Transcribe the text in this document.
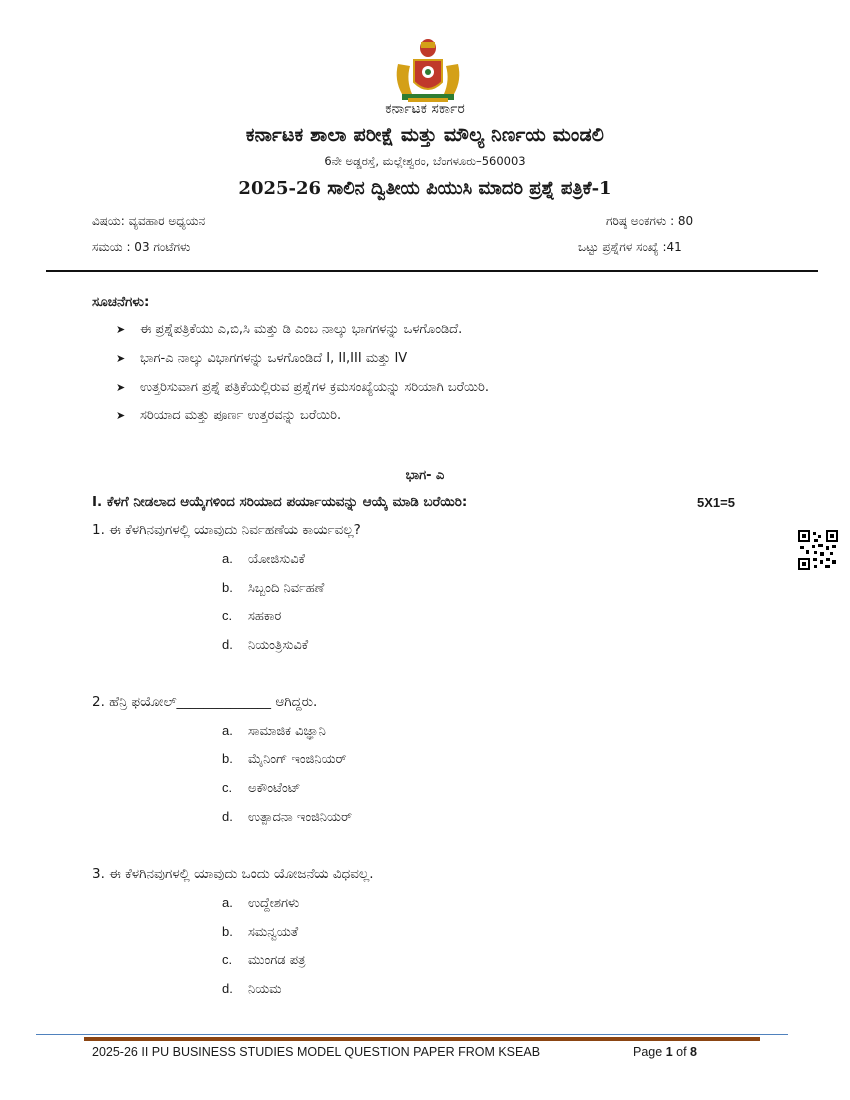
ಕರ್ನಾಟಕ ಸರ್ಕಾರ
ಕರ್ನಾಟಕ ಶಾಲಾ ಪರೀಕ್ಷೆ ಮತ್ತು ಮೌಲ್ಯ ನಿರ್ಣಯ ಮಂಡಲಿ
6ನೇ ಅಡ್ಡರಸ್ತೆ, ಮಲ್ಲೇಶ್ವರಂ, ಬೆಂಗಳೂರು–560003
2025-26 ಸಾಲಿನ ದ್ವಿತೀಯ ಪಿಯುಸಿ ಮಾದರಿ ಪ್ರಶ್ನೆ ಪತ್ರಿಕೆ-1
ವಿಷಯ: ವ್ಯವಹಾರ ಅಧ್ಯಯನ	ಗರಿಷ್ಠ ಅಂಕಗಳು : 80
ಸಮಯ : 03 ಗಂಟೆಗಳು	ಒಟ್ಟು ಪ್ರಶ್ನೆಗಳ ಸಂಖ್ಯೆ :41
ಸೂಚನೆಗಳು:
➤ ಈ ಪ್ರಶ್ನೆಪತ್ರಿಕೆಯು ಎ,ಬಿ,ಸಿ ಮತ್ತು ಡಿ ಎಂಬ ನಾಲ್ಕು ಭಾಗಗಳನ್ನು ಒಳಗೊಂಡಿದೆ.
➤ ಭಾಗ-ಎ ನಾಲ್ಕು ವಿಭಾಗಗಳನ್ನು ಒಳಗೊಂಡಿದೆ I, II,III ಮತ್ತು IV
➤ ಉತ್ತರಿಸುವಾಗ ಪ್ರಶ್ನೆ ಪತ್ರಿಕೆಯಲ್ಲಿರುವ ಪ್ರಶ್ನೆಗಳ ಕ್ರಮಸಂಖ್ಯೆಯನ್ನು ಸರಿಯಾಗಿ ಬರೆಯಿರಿ.
➤ ಸರಿಯಾದ ಮತ್ತು ಪೂರ್ಣ ಉತ್ತರವನ್ನು ಬರೆಯಿರಿ.
ಭಾಗ- ಎ
I. ಕೆಳಗೆ ನೀಡಲಾದ ಆಯ್ಕೆಗಳಿಂದ ಸರಿಯಾದ ಪರ್ಯಾಯವನ್ನು ಆಯ್ಕೆ ಮಾಡಿ ಬರೆಯಿರಿ:	5X1=5
1. ಈ ಕೆಳಗಿನವುಗಳಲ್ಲಿ ಯಾವುದು ನಿರ್ವಹಣೆಯ ಕಾರ್ಯವಲ್ಲ?
a. ಯೋಜಿಸುವಿಕೆ
b. ಸಿಬ್ಬಂದಿ ನಿರ್ವಹಣೆ
c. ಸಹಕಾರ
d. ನಿಯಂತ್ರಿಸುವಿಕೆ
2. ಹೆನ್ರಿ ಫಯೋಲ್______________ ಆಗಿದ್ದರು.
a. ಸಾಮಾಜಿಕ ವಿಜ್ಞಾನಿ
b. ಮೈನಿಂಗ್ ಇಂಜಿನಿಯರ್
c. ಅಕೌಂಟೆಂಟ್
d. ಉತ್ಪಾದನಾ ಇಂಜಿನಿಯರ್
3. ಈ ಕೆಳಗಿನವುಗಳಲ್ಲಿ ಯಾವುದು ಒಂದು ಯೋಜನೆಯ ವಿಧವಲ್ಲ.
a. ಉದ್ದೇಶಗಳು
b. ಸಮನ್ವಯತೆ
c. ಮುಂಗಡ ಪತ್ರ
d. ನಿಯಮ
2025-26 II PU BUSINESS STUDIES MODEL QUESTION PAPER FROM KSEAB	Page 1 of 8
